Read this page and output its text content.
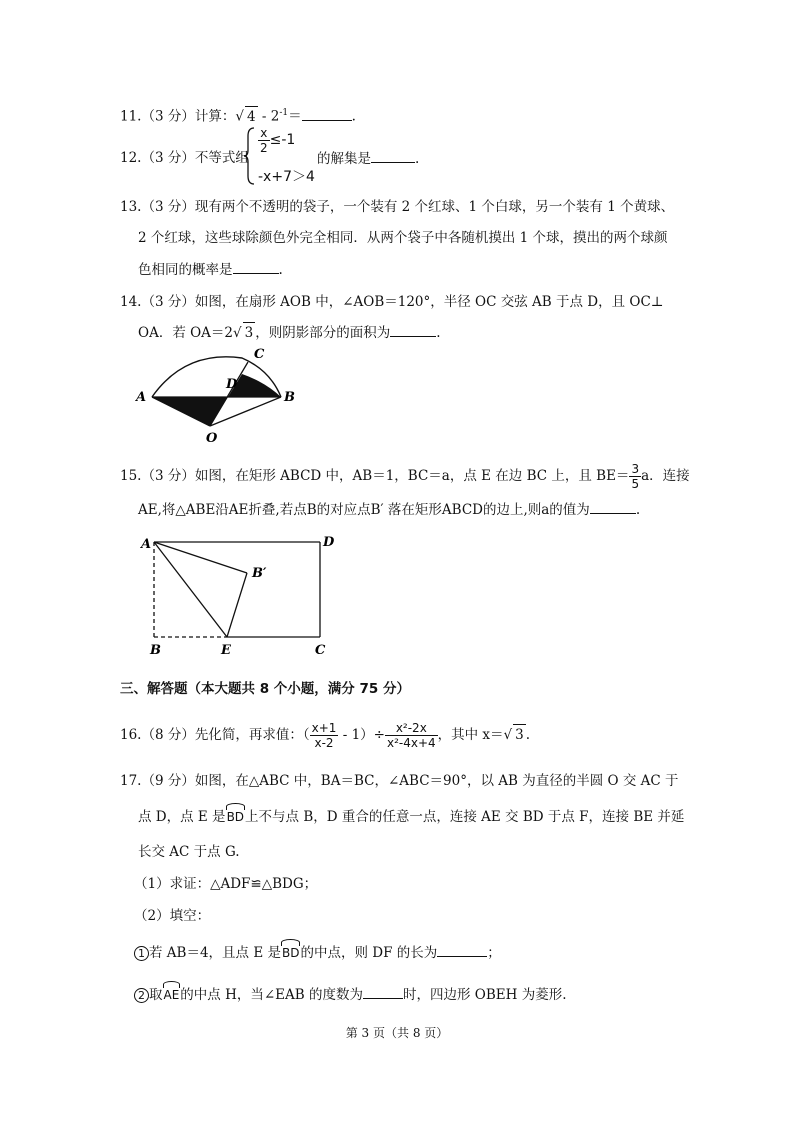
11.（3 分）计算：√ $4 - 2^{-1}=$	.
12.（3 分）不等式组
$\frac{x}{2} \le-1$
-x+7＞4
的解集是	.
13.（3 分）现有两个不透明的袋子，一个装有 2 个红球、1 个白球，另一个装有 1 个黄球、
2 个红球，这些球除颜色外完全相同．从两个袋子中各随机摸出 1 个球，摸出的两个球颜
色相同的概率是	.
14.（3 分）如图，在扇形 AOB 中，∠AOB＝120°，半径 OC 交弦 AB 于点 D，且 OC⊥
OA．若 OA＝2√ 3 ，则阴影部分的面积为	.
A	B
C
D
O
15.（3 分）如图，在矩形 ABCD 中，AB＝1，BC＝a，点 E 在边 BC 上，且 $BE= \frac{3}{5}$ a．连接
AE,将△ABE沿AE折叠,若点B的对应点B′ 落在矩形ABCD的边上,则a的值为	.
A	D
B′
B	E	C
三、解答题（本大题共 8 个小题，满分 75 分）
16.（8 分）先化简，再求值：（ $\frac{x+1}{x-2} - 1)\div \frac{\text{x²-2x}}{\text{x²-4x+4}}$ ，其中 x＝√ 3 .
17.（9 分）如图，在△ABC 中，BA＝BC，∠ABC＝90°，以 AB 为直径的半圆 O 交 AC 于
点 D，点 E 是BD上不与点 B，D 重合的任意一点，连接 AE 交 BD 于点 F，连接 BE 并延
长交 AC 于点 G.
（1）求证：△ADF≌△BDG；
（2）填空：
1 若 AB＝4，且点 E 是BD的中点，则 DF 的长为	；
2 取AE的中点 H，当∠EAB 的度数为	时，四边形 OBEH 为菱形.
第 3 页（共 8 页）
